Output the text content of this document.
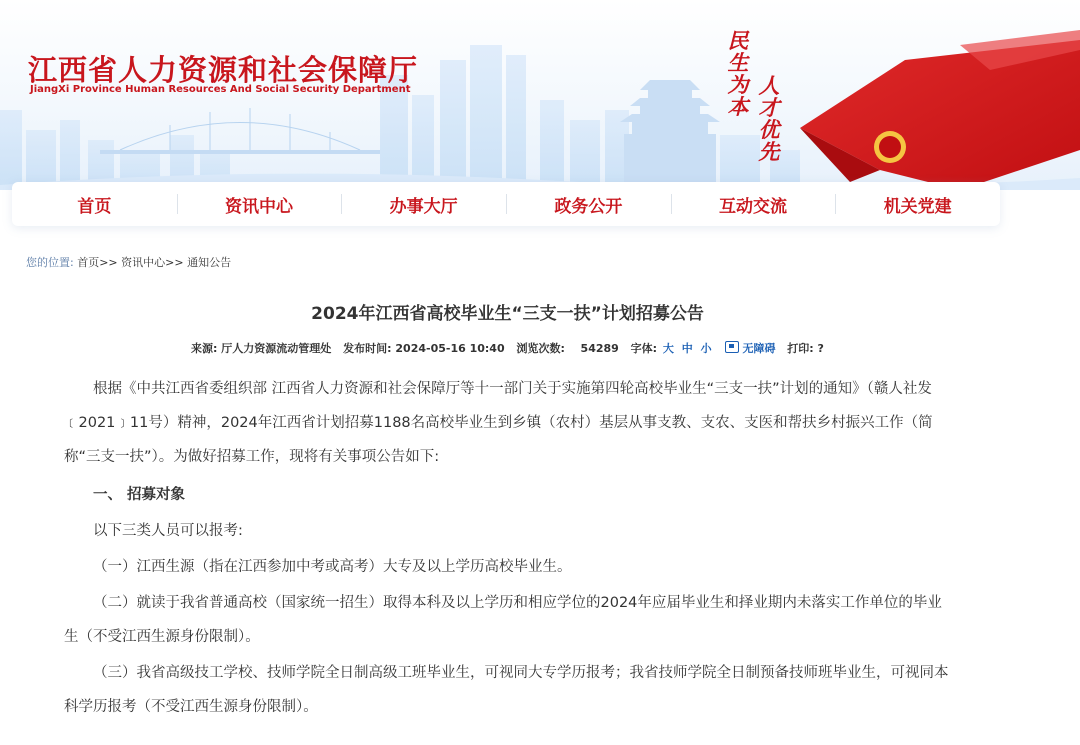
江西省人力资源和社会保障厅
JiangXi Province Human Resources And Social Security Department
民生为本
人才优先
首页	资讯中心	办事大厅	政务公开	互动交流	机关党建
您的位置: 首页>> 资讯中心>> 通知公告
2024年江西省高校毕业生“三支一扶”计划招募公告
来源: 厅人力资源流动管理处 发布时间: 2024-05-16 10:40 浏览次数: 54289 字体: 大 中 小	无障碍 打印: ?

根据《中共江西省委组织部 江西省人力资源和社会保障厅等十一部门关于实施第四轮高校毕业生“三支一扶”计划的通知》（赣人社发﹝2021﹞11号）精神，2024年江西省计划招募1188名高校毕业生到乡镇（农村）基层从事支教、支农、支医和帮扶乡村振兴工作（简称“三支一扶”）。为做好招募工作，现将有关事项公告如下:

一、 招募对象

以下三类人员可以报考:

（一）江西生源（指在江西参加中考或高考）大专及以上学历高校毕业生。

（二）就读于我省普通高校（国家统一招生）取得本科及以上学历和相应学位的2024年应届毕业生和择业期内未落实工作单位的毕业生（不受江西生源身份限制）。

（三）我省高级技工学校、技师学院全日制高级工班毕业生，可视同大专学历报考；我省技师学院全日制预备技师班毕业生，可视同本科学历报考（不受江西生源身份限制）。
